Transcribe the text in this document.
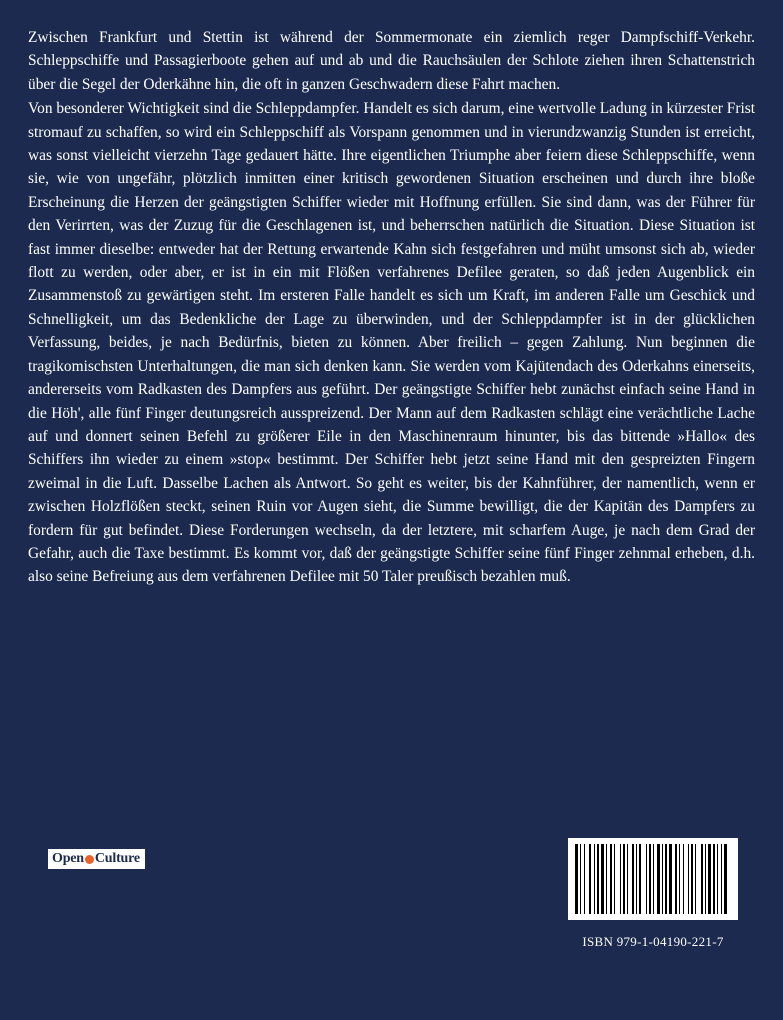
Zwischen Frankfurt und Stettin ist während der Sommermonate ein ziemlich reger Dampfschiff-Verkehr. Schleppschiffe und Passagierboote gehen auf und ab und die Rauchsäulen der Schlote ziehen ihren Schattenstrich über die Segel der Oderkähne hin, die oft in ganzen Geschwadern diese Fahrt machen.

Von besonderer Wichtigkeit sind die Schleppdampfer. Handelt es sich darum, eine wertvolle Ladung in kürzester Frist stromauf zu schaffen, so wird ein Schleppschiff als Vorspann genommen und in vierundzwanzig Stunden ist erreicht, was sonst vielleicht vierzehn Tage gedauert hätte. Ihre eigentlichen Triumphe aber feiern diese Schleppschiffe, wenn sie, wie von ungefähr, plötzlich inmitten einer kritisch gewordenen Situation erscheinen und durch ihre bloße Erscheinung die Herzen der geängstigten Schiffer wieder mit Hoffnung erfüllen. Sie sind dann, was der Führer für den Verirrten, was der Zuzug für die Geschlagenen ist, und beherrschen natürlich die Situation. Diese Situation ist fast immer dieselbe: entweder hat der Rettung erwartende Kahn sich festgefahren und müht umsonst sich ab, wieder flott zu werden, oder aber, er ist in ein mit Flößen verfahrenes Defilee geraten, so daß jeden Augenblick ein Zusammenstoß zu gewärtigen steht. Im ersteren Falle handelt es sich um Kraft, im anderen Falle um Geschick und Schnelligkeit, um das Bedenkliche der Lage zu überwinden, und der Schleppdampfer ist in der glücklichen Verfassung, beides, je nach Bedürfnis, bieten zu können. Aber freilich – gegen Zahlung. Nun beginnen die tragikomischsten Unterhaltungen, die man sich denken kann. Sie werden vom Kajütendach des Oderkahns einerseits, andererseits vom Radkasten des Dampfers aus geführt. Der geängstigte Schiffer hebt zunächst einfach seine Hand in die Höh', alle fünf Finger deutungsreich ausspreizend. Der Mann auf dem Radkasten schlägt eine verächtliche Lache auf und donnert seinen Befehl zu größerer Eile in den Maschinenraum hinunter, bis das bittende »Hallo« des Schiffers ihn wieder zu einem »stop« bestimmt. Der Schiffer hebt jetzt seine Hand mit den gespreizten Fingern zweimal in die Luft. Dasselbe Lachen als Antwort. So geht es weiter, bis der Kahnführer, der namentlich, wenn er zwischen Holzflößen steckt, seinen Ruin vor Augen sieht, die Summe bewilligt, die der Kapitän des Dampfers zu fordern für gut befindet. Diese Forderungen wechseln, da der letztere, mit scharfem Auge, je nach dem Grad der Gefahr, auch die Taxe bestimmt. Es kommt vor, daß der geängstigte Schiffer seine fünf Finger zehnmal erheben, d.h. also seine Befreiung aus dem verfahrenen Defilee mit 50 Taler preußisch bezahlen muß.

Open Culture
ISBN 979-1-04190-221-7
